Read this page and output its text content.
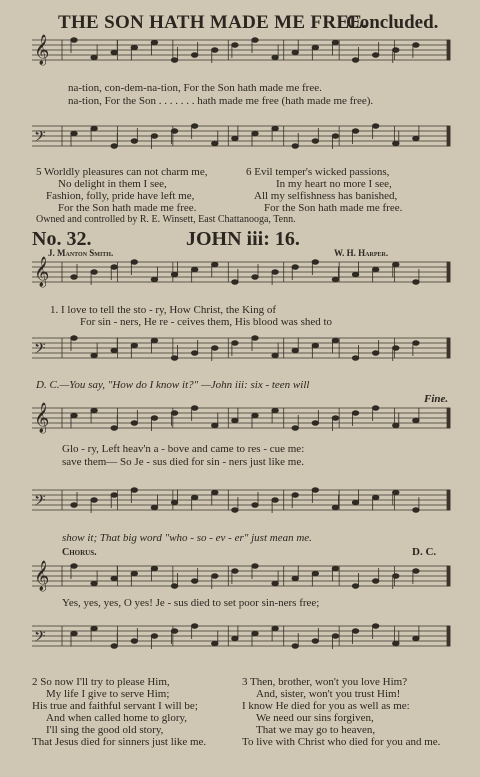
𝄞
𝄢
𝄞
𝄢
𝄞
𝄢
𝄞
𝄢
THE SON HATH MADE ME FREE.
Concluded.
na-tion, con-dem-na-tion, For the Son hath made me free.
na-tion, For the Son . . . . . . . hath made me free (hath made me free).
5 Worldly pleasures can not charm me,
No delight in them I see,
Fashion, folly, pride have left me,
For the Son hath made me free.
6 Evil temper's wicked passions,
In my heart no more I see,
All my selfishness has banished,
For the Son hath made me free.
Owned and controlled by R. E. Winsett, East Chattanooga, Tenn.
No. 32.	JOHN iii: 16.
J. Manton Smith.	W. H. Harper.
1. I love to tell the sto - ry, How Christ, the King of
For sin - ners, He re - ceives them, His blood was shed to
D. C.—You say, "How do I know it?" —John iii: six - teen will
Fine.
Glo - ry, Left heav'n a - bove and came to res - cue me:
save them— So Je - sus died for sin - ners just like me.
show it; That big word "who - so - ev - er" just mean me.
Chorus.	D. C.
Yes, yes, yes, O yes! Je - sus died to set poor sin-ners free;
2 So now I'll try to please Him,
My life I give to serve Him;
His true and faithful servant I will be;
And when called home to glory,
I'll sing the good old story,
That Jesus died for sinners just like me.
3 Then, brother, won't you love Him?
And, sister, won't you trust Him!
I know He died for you as well as me:
We need our sins forgiven,
That we may go to heaven,
To live with Christ who died for you and me.
